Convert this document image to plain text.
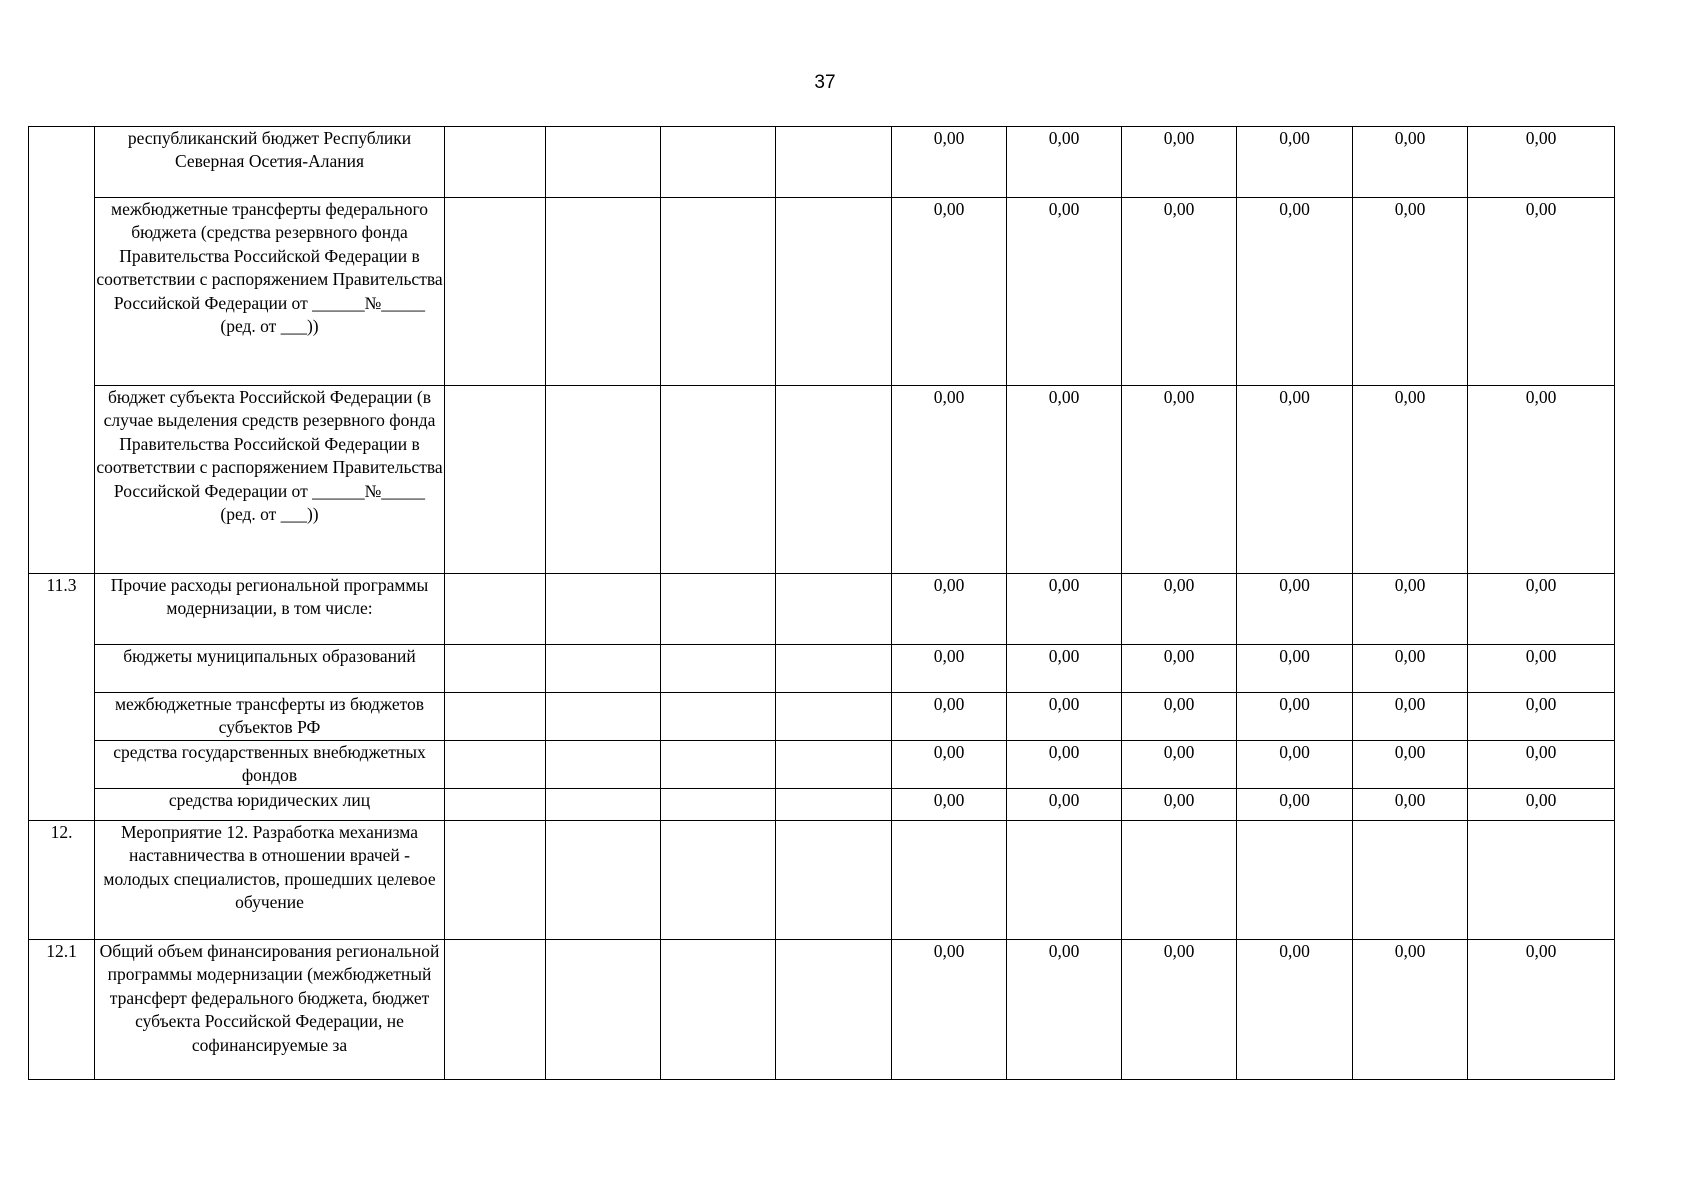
37
	республиканский бюджет Республики Северная Осетия-Алания					0,00	0,00	0,00	0,00	0,00	0,00
	межбюджетные трансферты федерального бюджета (средства резервного фонда Правительства Российской Федерации в соответствии с распоряжением Правительства Российской Федерации от ______№_____ (ред. от ___))					0,00	0,00	0,00	0,00	0,00	0,00
	бюджет субъекта Российской Федерации (в случае выделения средств резервного фонда Правительства Российской Федерации в соответствии с распоряжением Правительства Российской Федерации от ______№_____ (ред. от ___))					0,00	0,00	0,00	0,00	0,00	0,00
11.3	Прочие расходы региональной программы модернизации, в том числе:					0,00	0,00	0,00	0,00	0,00	0,00
	бюджеты муниципальных образований					0,00	0,00	0,00	0,00	0,00	0,00
	межбюджетные трансферты из бюджетов субъектов РФ					0,00	0,00	0,00	0,00	0,00	0,00
	средства государственных внебюджетных фондов					0,00	0,00	0,00	0,00	0,00	0,00
	средства юридических лиц					0,00	0,00	0,00	0,00	0,00	0,00
12.	Мероприятие 12. Разработка механизма наставничества в отношении врачей - молодых специалистов, прошедших целевое обучение										
12.1	Общий объем финансирования региональной программы модернизации (межбюджетный трансферт федерального бюджета, бюджет субъекта Российской Федерации, не софинансируемые за					0,00	0,00	0,00	0,00	0,00	0,00
